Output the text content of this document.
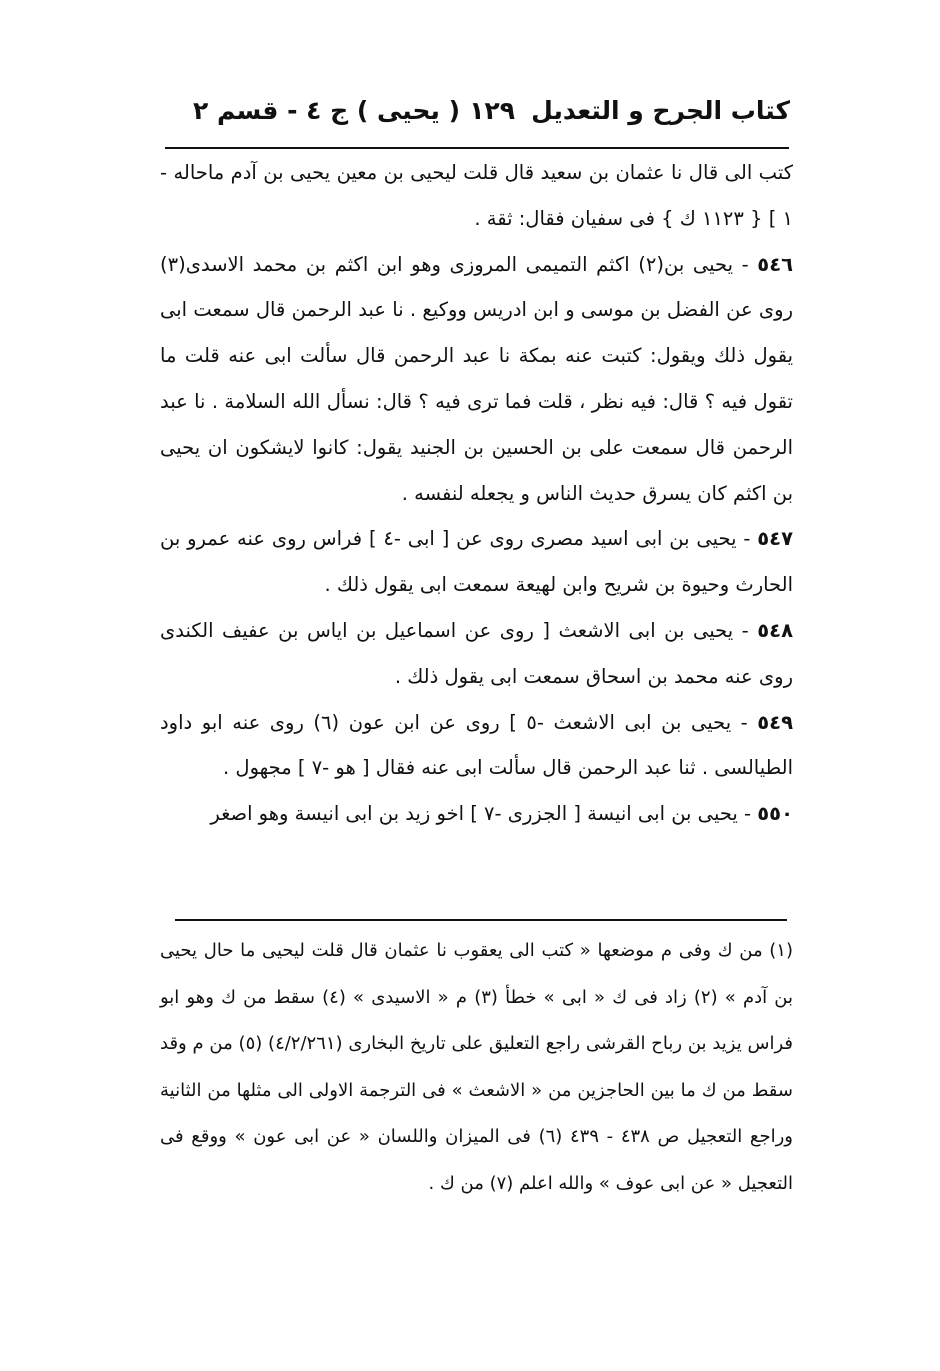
كتاب الجرح و التعديل
١٢٩
( يحيى ) ج ٤ - قسم ٢

كتب الى قال نا عثمان بن سعيد قال قلت ليحيى بن معين يحيى بن آدم ماحاله - ١ ] { ١١٢٣ ك } فى سفيان فقال: ثقة .

٥٤٦ - يحيى بن(٢) اكثم التميمى المروزى وهو ابن اكثم بن محمد الاسدى(٣) روى عن الفضل بن موسى و ابن ادريس ووكيع . نا عبد الرحمن قال سمعت ابى يقول ذلك ويقول: كتبت عنه بمكة نا عبد الرحمن قال سألت ابى عنه قلت ما تقول فيه ؟ قال: فيه نظر ، قلت فما ترى فيه ؟ قال: نسأل الله السلامة . نا عبد الرحمن قال سمعت على بن الحسين بن الجنيد يقول: كانوا لايشكون ان يحيى بن اكثم كان يسرق حديث الناس و يجعله لنفسه .

٥٤٧ - يحيى بن ابى اسيد مصرى روى عن [ ابى -٤ ] فراس روى عنه عمرو بن الحارث وحيوة بن شريح وابن لهيعة سمعت ابى يقول ذلك .

٥٤٨ - يحيى بن ابى الاشعث [ روى عن اسماعيل بن اياس بن عفيف الكندى روى عنه محمد بن اسحاق سمعت ابى يقول ذلك .

٥٤٩ - يحيى بن ابى الاشعث -٥ ] روى عن ابن عون (٦) روى عنه ابو داود الطيالسى . ثنا عبد الرحمن قال سألت ابى عنه فقال [ هو -٧ ] مجهول .

٥٥٠ - يحيى بن ابى انيسة [ الجزرى -٧ ] اخو زيد بن ابى انيسة وهو اصغر

(١) من ك وفى م موضعها « كتب الى يعقوب نا عثمان قال قلت ليحيى ما حال يحيى بن آدم » (٢) زاد فى ك « ابى » خطأ (٣) م « الاسيدى » (٤) سقط من ك وهو ابو فراس يزيد بن رباح القرشى راجع التعليق على تاريخ البخارى (٤/٢/٢٦١) (٥) من م وقد سقط من ك ما بين الحاجزين من « الاشعث » فى الترجمة الاولى الى مثلها من الثانية وراجع التعجيل ص ٤٣٨ - ٤٣٩ (٦) فى الميزان واللسان « عن ابى عون » ووقع فى التعجيل « عن ابى عوف » والله اعلم (٧) من ك .
